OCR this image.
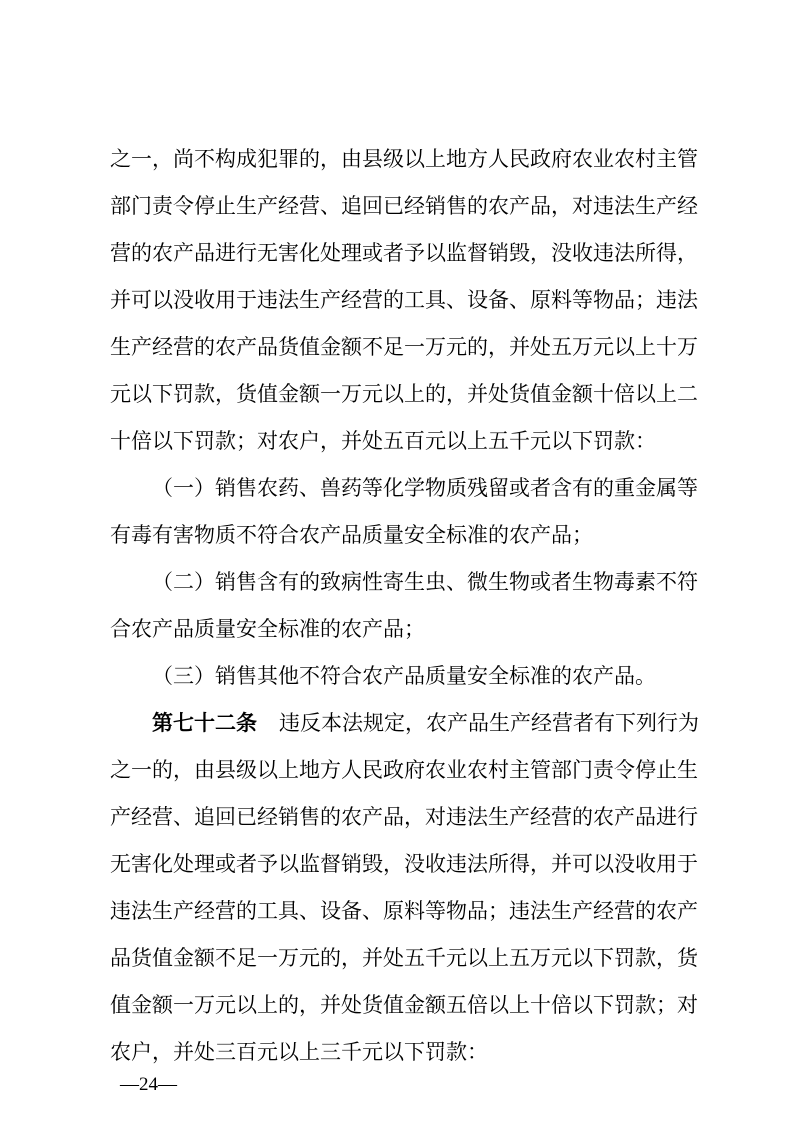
之一，尚不构成犯罪的，由县级以上地方人民政府农业农村主管
部门责令停止生产经营、追回已经销售的农产品，对违法生产经
营的农产品进行无害化处理或者予以监督销毁，没收违法所得，
并可以没收用于违法生产经营的工具、设备、原料等物品；违法
生产经营的农产品货值金额不足一万元的，并处五万元以上十万
元以下罚款，货值金额一万元以上的，并处货值金额十倍以上二
十倍以下罚款；对农户，并处五百元以上五千元以下罚款：
（一）销售农药、兽药等化学物质残留或者含有的重金属等
有毒有害物质不符合农产品质量安全标准的农产品；
（二）销售含有的致病性寄生虫、微生物或者生物毒素不符
合农产品质量安全标准的农产品；
（三）销售其他不符合农产品质量安全标准的农产品。
第七十二条 违反本法规定，农产品生产经营者有下列行为
之一的，由县级以上地方人民政府农业农村主管部门责令停止生
产经营、追回已经销售的农产品，对违法生产经营的农产品进行
无害化处理或者予以监督销毁，没收违法所得，并可以没收用于
违法生产经营的工具、设备、原料等物品；违法生产经营的农产
品货值金额不足一万元的，并处五千元以上五万元以下罚款，货
值金额一万元以上的，并处货值金额五倍以上十倍以下罚款；对
农户，并处三百元以上三千元以下罚款：
—24—
